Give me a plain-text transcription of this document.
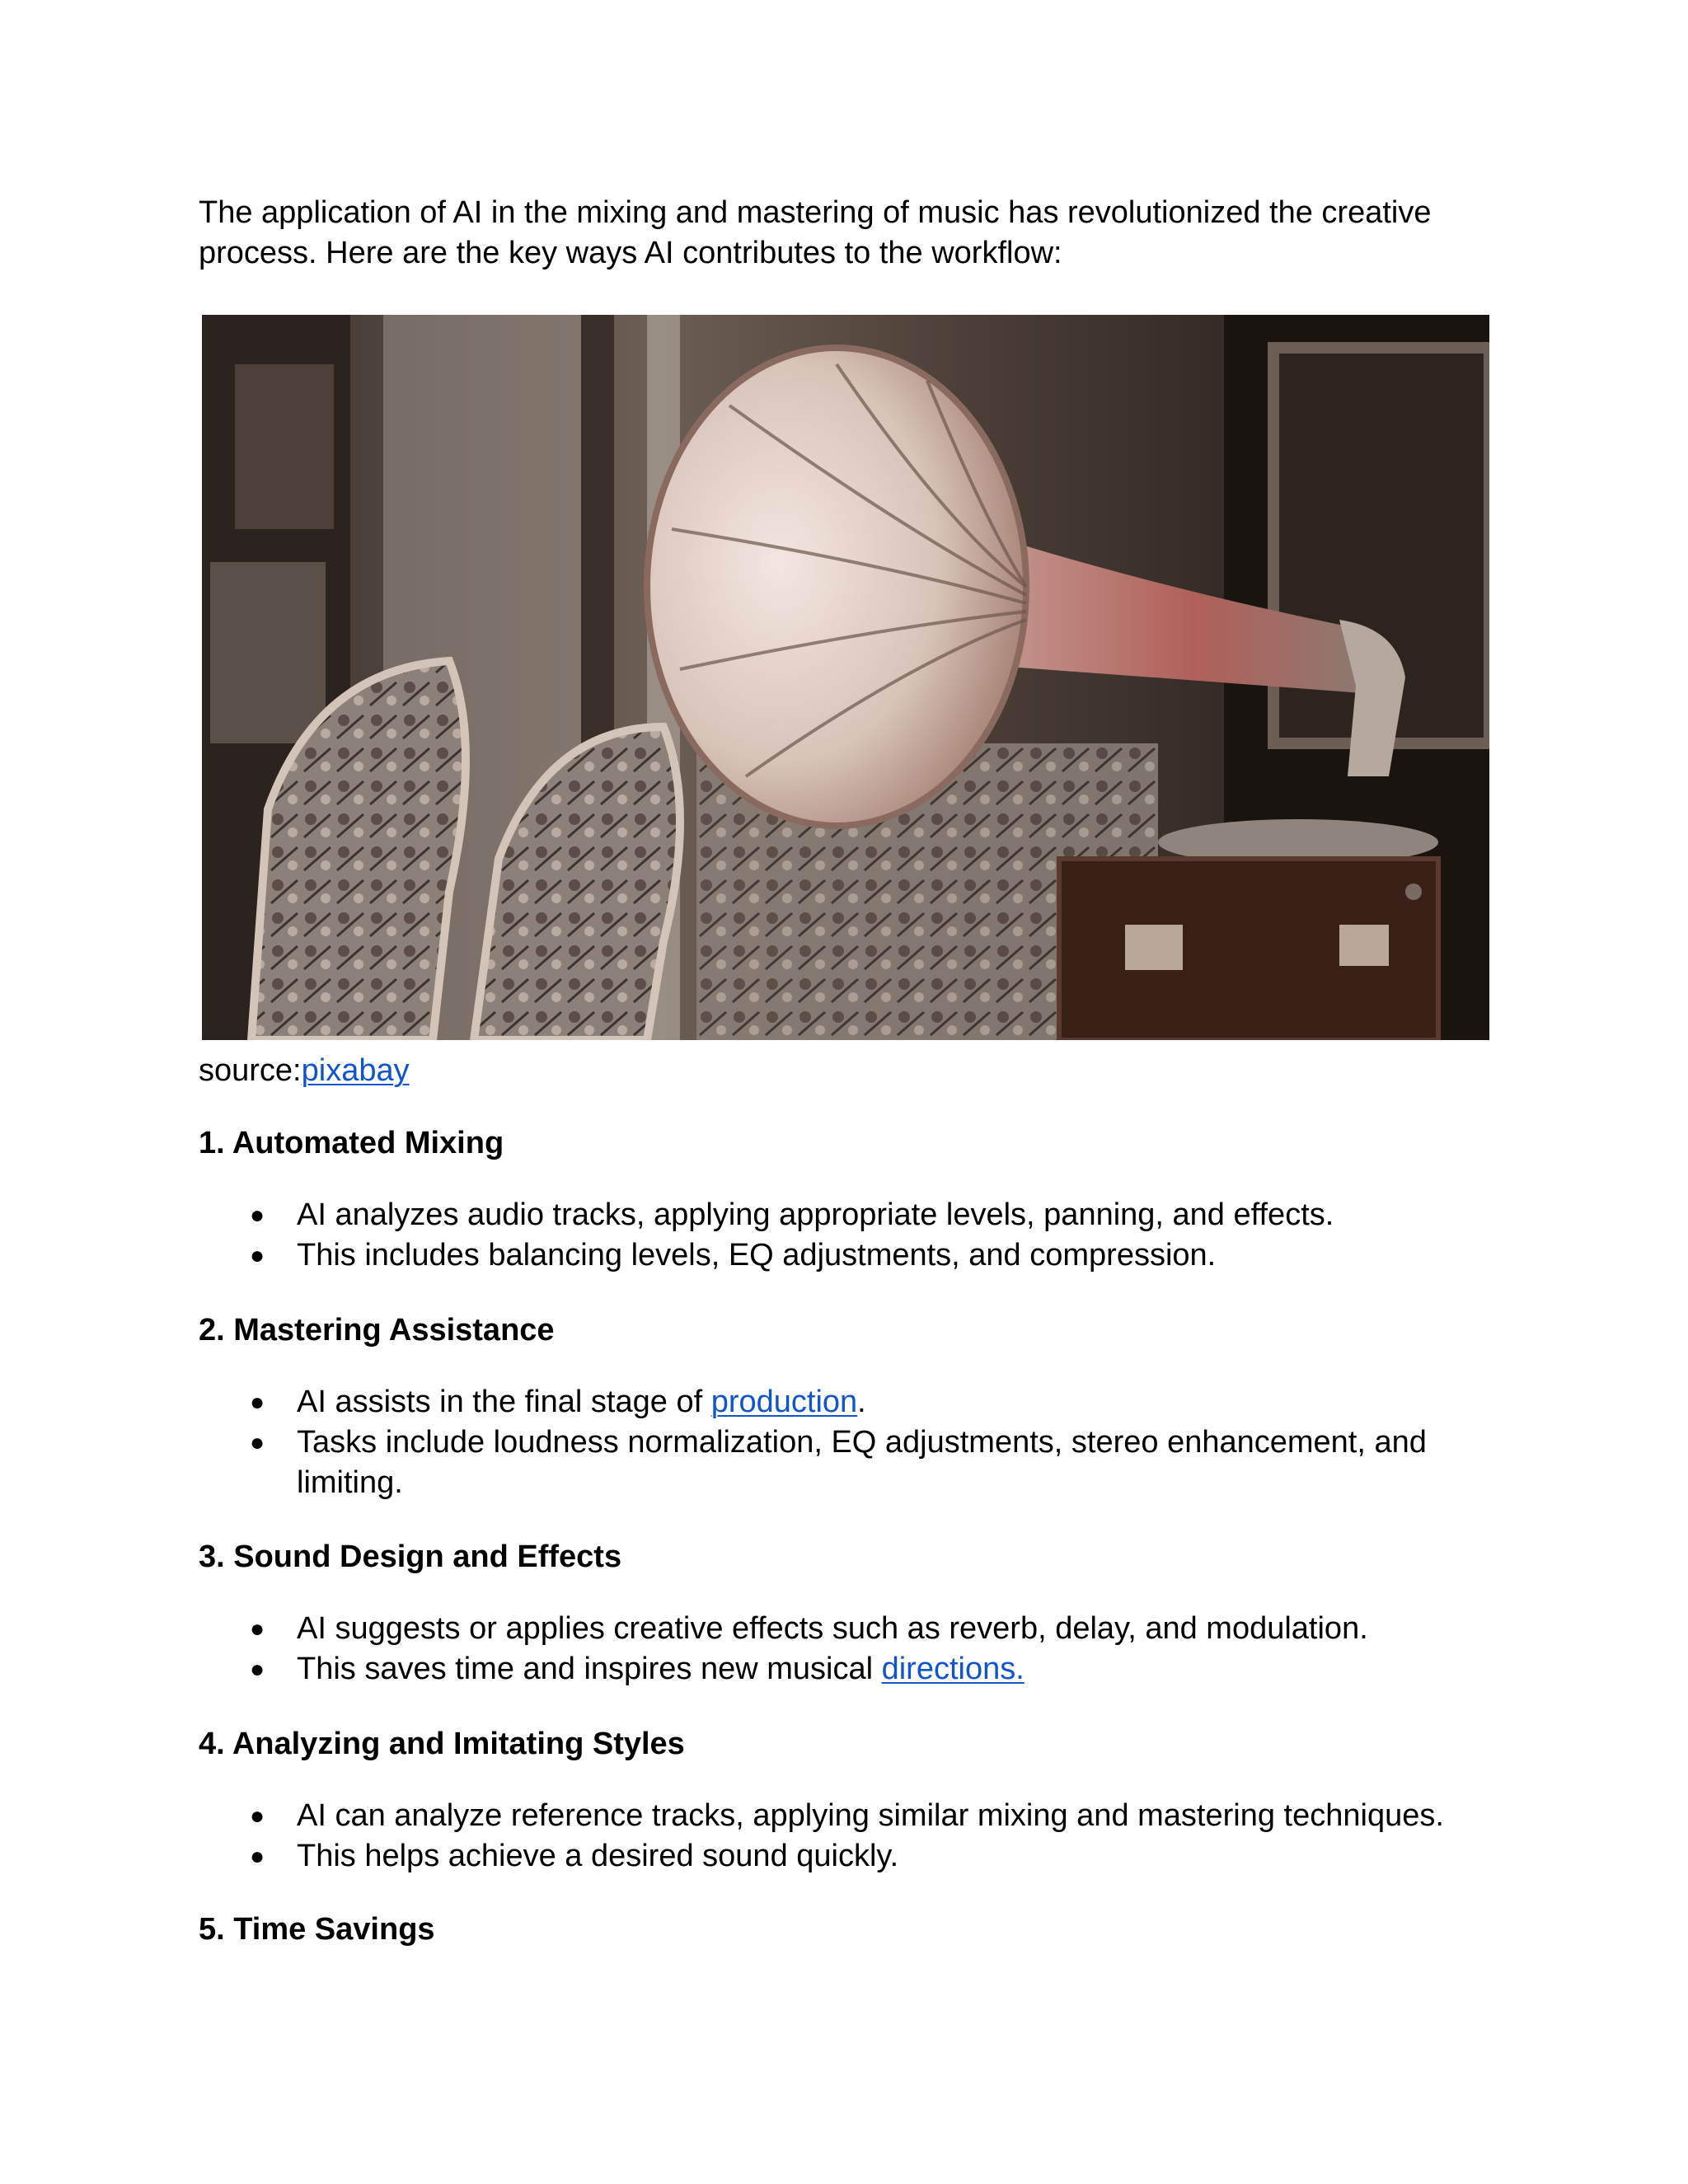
The application of AI in the mixing and mastering of music has revolutionized the creative process. Here are the key ways AI contributes to the workflow:

source:pixabay

1. Automated Mixing

● AI analyzes audio tracks, applying appropriate levels, panning, and effects.
● This includes balancing levels, EQ adjustments, and compression.

2. Mastering Assistance

● AI assists in the final stage of production.
● Tasks include loudness normalization, EQ adjustments, stereo enhancement, and limiting.

3. Sound Design and Effects

● AI suggests or applies creative effects such as reverb, delay, and modulation.
● This saves time and inspires new musical directions.

4. Analyzing and Imitating Styles

● AI can analyze reference tracks, applying similar mixing and mastering techniques.
● This helps achieve a desired sound quickly.

5. Time Savings
